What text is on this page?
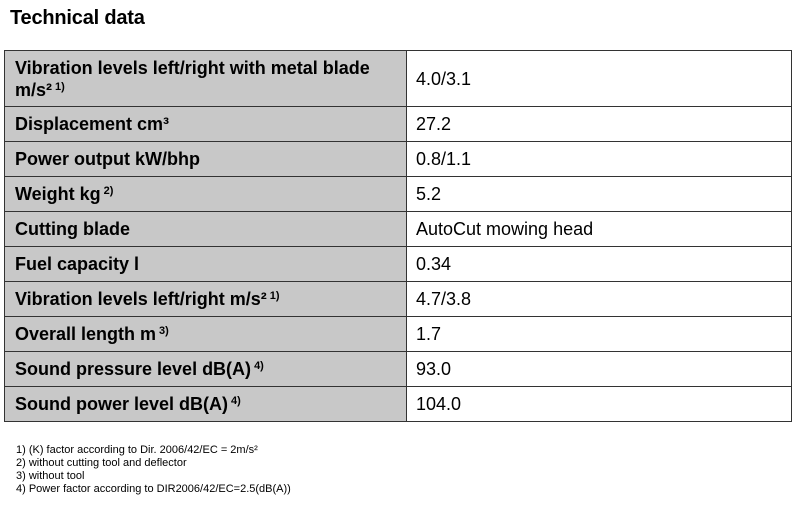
Technical data
Vibration levels left/right with metal blade m/s² $^{1)}$	4.0/3.1
Displacement cm³	27.2
Power output kW/bhp	0.8/1.1
Weight kg $^{2)}$	5.2
Cutting blade	AutoCut mowing head
Fuel capacity l	0.34
Vibration levels left/right m/s² $^{1)}$	4.7/3.8
Overall length m $^{3)}$	1.7
Sound pressure level dB(A) $^{4)}$	93.0
Sound power level dB(A) $^{4)}$	104.0
1) (K) factor according to Dir. 2006/42/EC = 2m/s²
2) without cutting tool and deflector
3) without tool
4) Power factor according to DIR2006/42/EC=2.5(dB(A))
